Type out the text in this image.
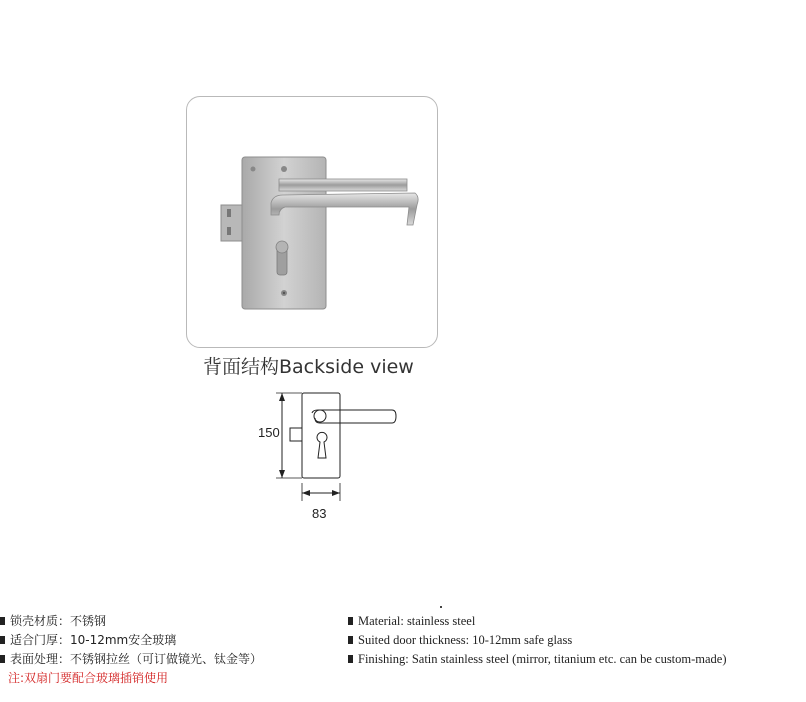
背面结构Backside view
150
83
锁壳材质：不锈钢
适合门厚：10-12mm安全玻璃
表面处理：不锈钢拉丝（可订做镜光、钛金等）
注:双扇门要配合玻璃插销使用
Material: stainless steel
Suited door thickness: 10-12mm safe glass
Finishing: Satin stainless steel (mirror, titanium etc. can be custom-made)
